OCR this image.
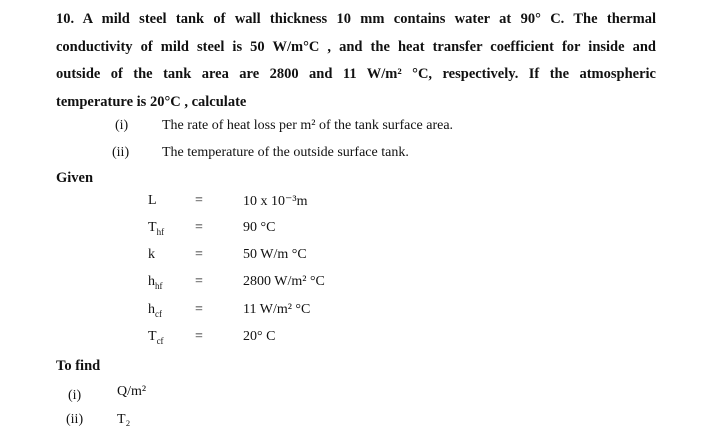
10. A mild steel tank of wall thickness 10 mm contains water at 90° C. The thermal
conductivity of mild steel is 50 W/m°C , and the heat transfer coefficient for inside and
outside of the tank area are 2800 and 11 W/m² °C, respectively. If the atmospheric
temperature is 20°C , calculate
(i) The rate of heat loss per m² of the tank surface area.
(ii) The temperature of the outside surface tank.
Given
L	=	10 x 10⁻³m
$T_{hf}$ =	90 °C
k	=	50 W/m °C
$h_{hf}$ =	2800 W/m² °C
$h_{cf}$ =	11 W/m² °C
$T_{cf}$ =	20° C
To find
(i)	Q/m²
(ii) T₂
